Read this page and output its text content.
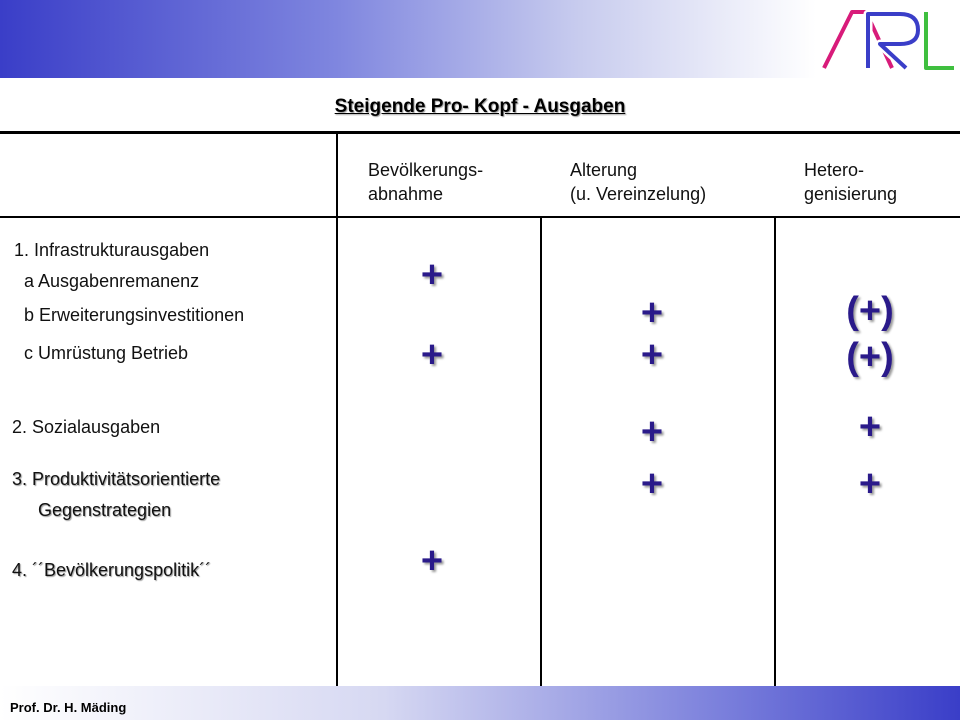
Steigende Pro- Kopf - Ausgaben
Bevölkerungs-
abnahme
Alterung
(u. Vereinzelung)
Hetero-
genisierung
1. Infrastrukturausgaben
a Ausgabenremanenz
b Erweiterungsinvestitionen
c Umrüstung Betrieb
2. Sozialausgaben
3. Produktivitätsorientierte
Gegenstrategien
4. ´´Bevölkerungspolitik´´
+
+
+
+
+
+
+
(+)
(+)
+
+
Prof. Dr. H. Mäding
